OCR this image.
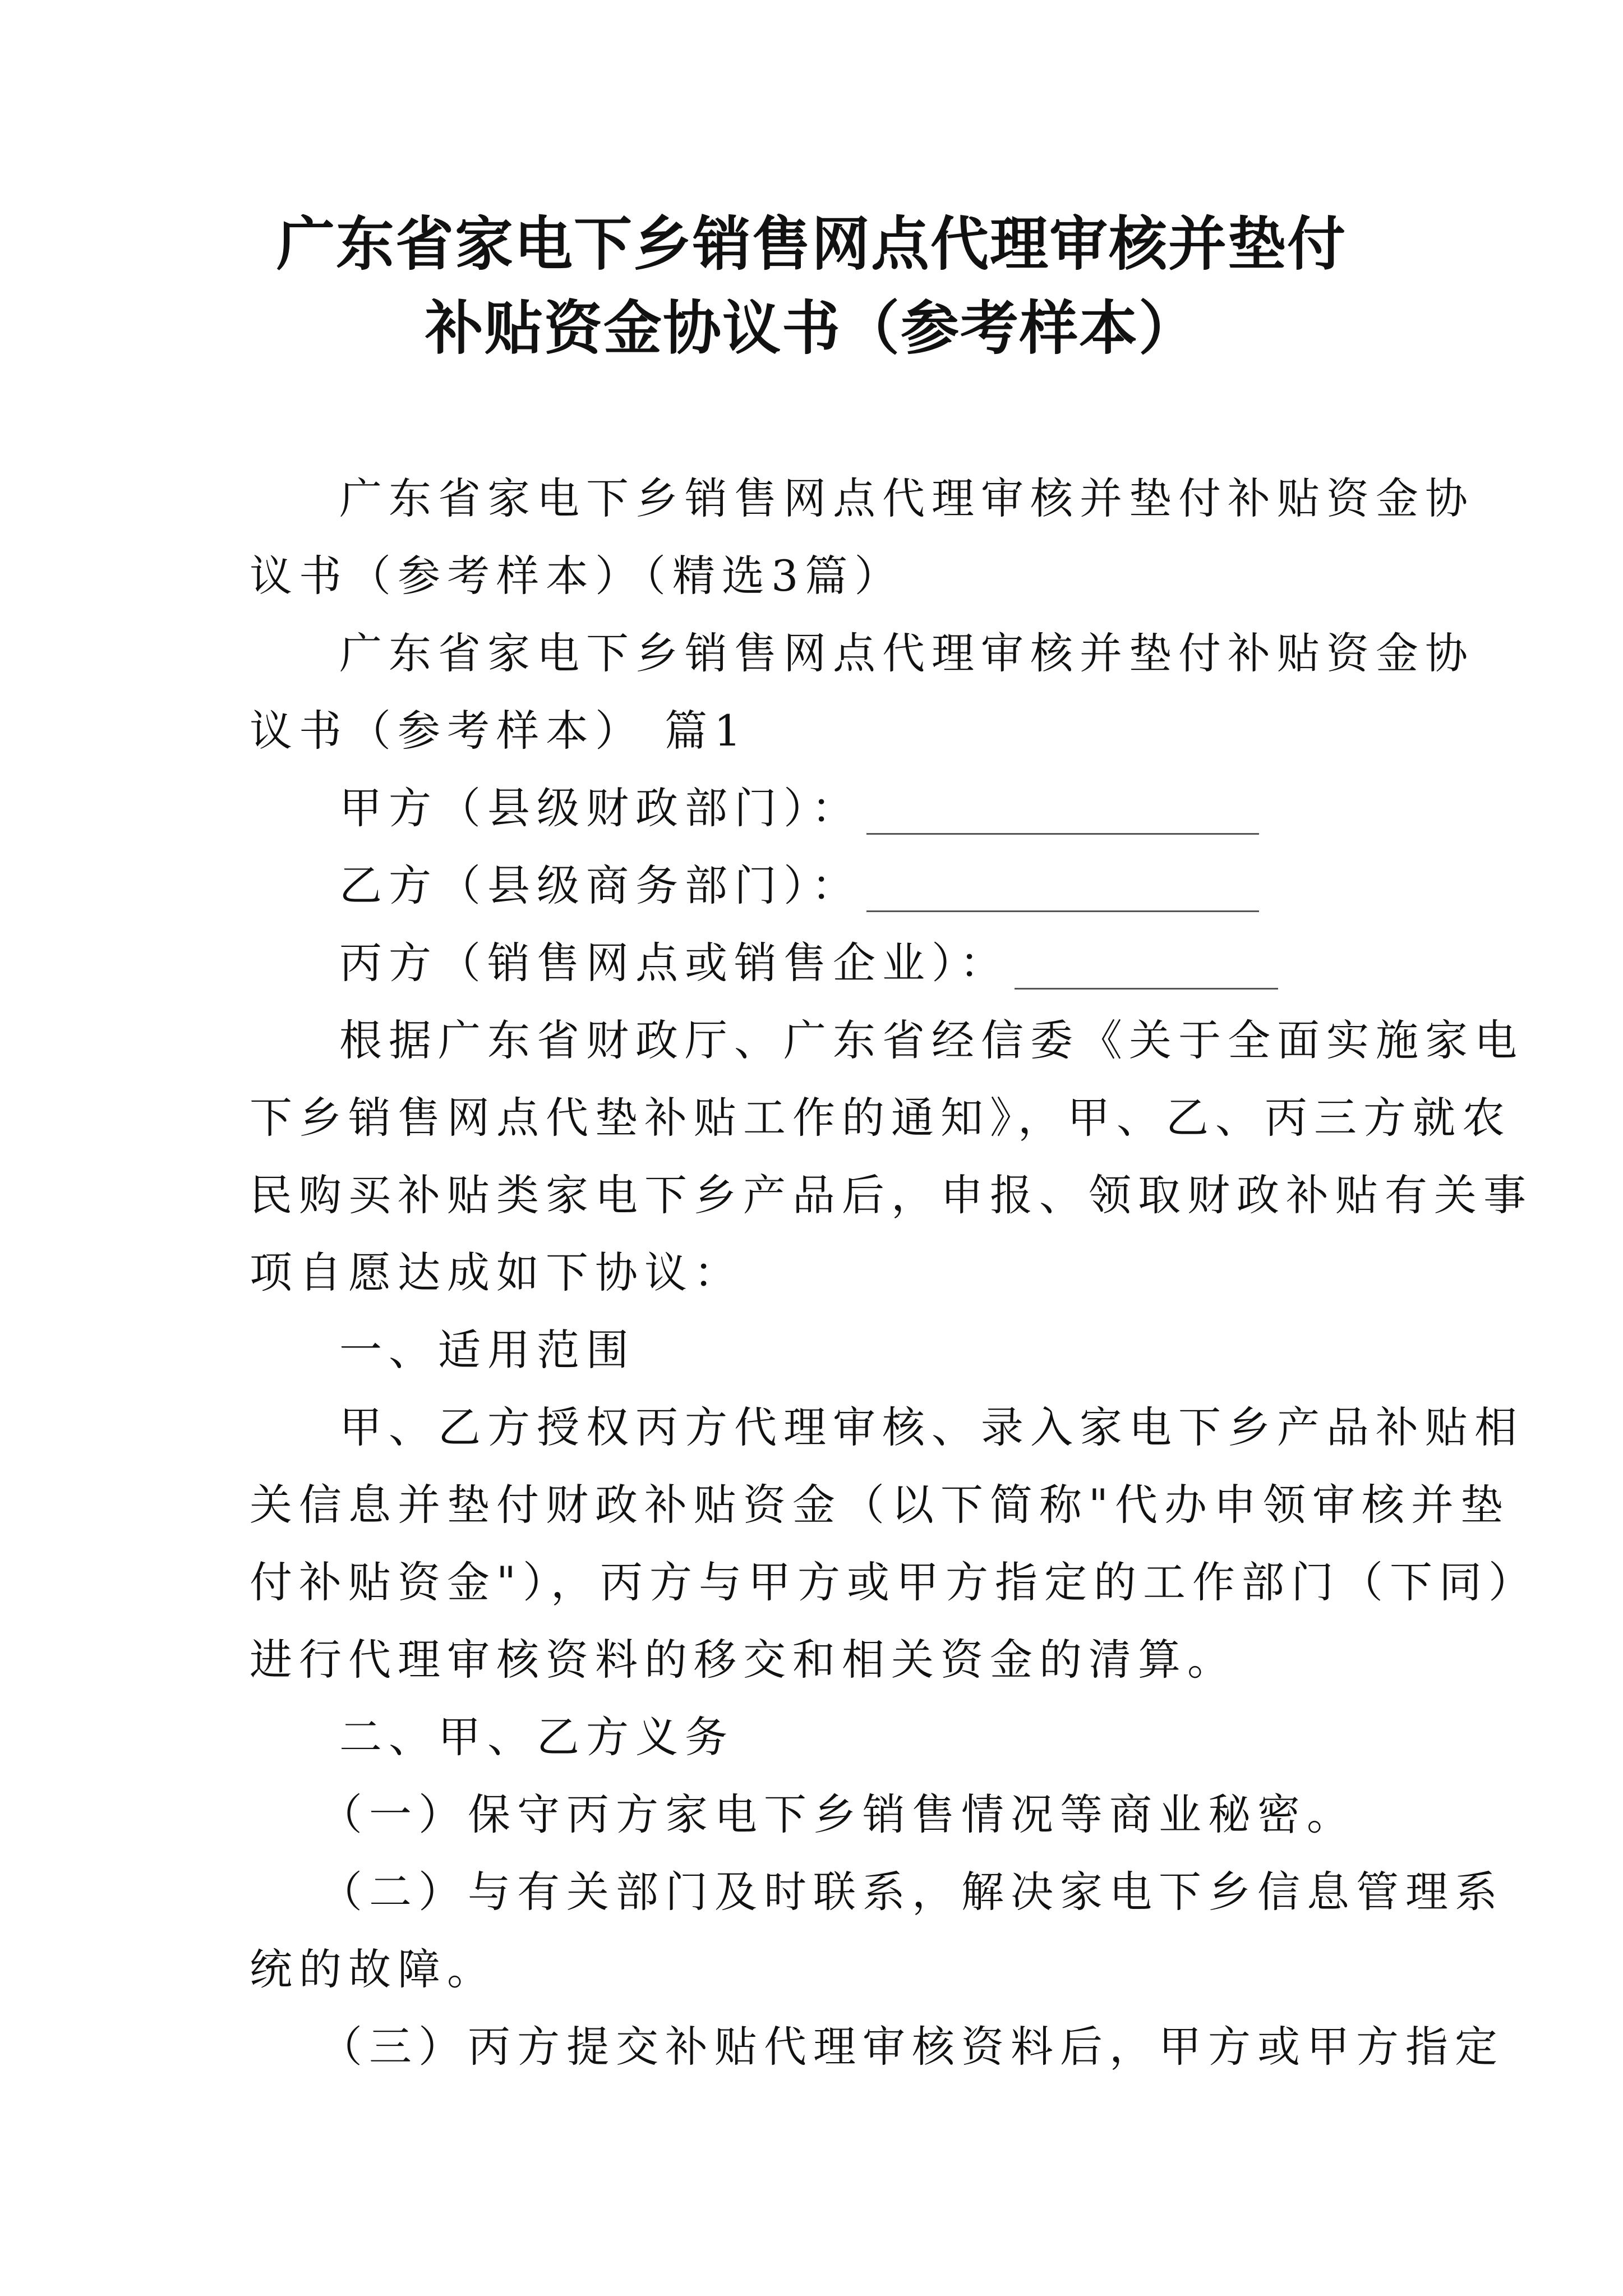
广东省家电下乡销售网点代理审核并垫付
补贴资金协议书（参考样本）
广东省家电下乡销售网点代理审核并垫付补贴资金协
议书（参考样本）（精选3篇）
广东省家电下乡销售网点代理审核并垫付补贴资金协
议书（参考样本） 篇1
甲方（县级财政部门）：
乙方（县级商务部门）：
丙方（销售网点或销售企业）：
根据广东省财政厅、广东省经信委《关于全面实施家电
下乡销售网点代垫补贴工作的通知》，甲、乙、丙三方就农
民购买补贴类家电下乡产品后，申报、领取财政补贴有关事
项自愿达成如下协议：
一、适用范围
甲、乙方授权丙方代理审核、录入家电下乡产品补贴相
关信息并垫付财政补贴资金（以下简称"代办申领审核并垫
付补贴资金"），丙方与甲方或甲方指定的工作部门（下同）
进行代理审核资料的移交和相关资金的清算。
二、甲、乙方义务
（一）保守丙方家电下乡销售情况等商业秘密。
（二）与有关部门及时联系，解决家电下乡信息管理系
统的故障。
（三）丙方提交补贴代理审核资料后，甲方或甲方指定
